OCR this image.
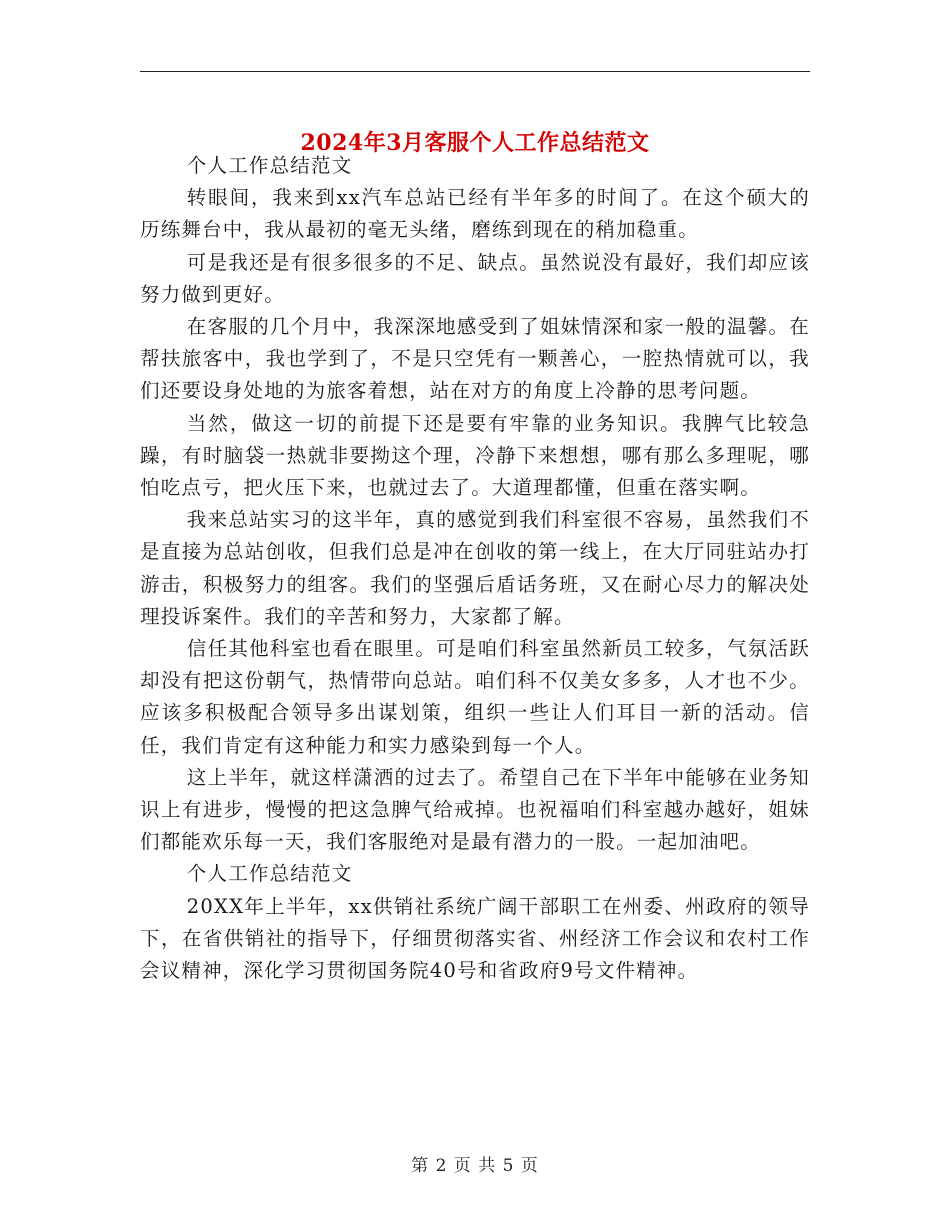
2024年3月客服个人工作总结范文

个人工作总结范文

转眼间，我来到xx汽车总站已经有半年多的时间了。在这个硕大的历练舞台中，我从最初的毫无头绪，磨练到现在的稍加稳重。

可是我还是有很多很多的不足、缺点。虽然说没有最好，我们却应该努力做到更好。

在客服的几个月中，我深深地感受到了姐妹情深和家一般的温馨。在帮扶旅客中，我也学到了，不是只空凭有一颗善心，一腔热情就可以，我们还要设身处地的为旅客着想，站在对方的角度上冷静的思考问题。

当然，做这一切的前提下还是要有牢靠的业务知识。我脾气比较急躁，有时脑袋一热就非要拗这个理，冷静下来想想，哪有那么多理呢，哪怕吃点亏，把火压下来，也就过去了。大道理都懂，但重在落实啊。

我来总站实习的这半年，真的感觉到我们科室很不容易，虽然我们不是直接为总站创收，但我们总是冲在创收的第一线上，在大厅同驻站办打游击，积极努力的组客。我们的坚强后盾话务班，又在耐心尽力的解决处理投诉案件。我们的辛苦和努力，大家都了解。

信任其他科室也看在眼里。可是咱们科室虽然新员工较多，气氛活跃却没有把这份朝气，热情带向总站。咱们科不仅美女多多，人才也不少。应该多积极配合领导多出谋划策，组织一些让人们耳目一新的活动。信任，我们肯定有这种能力和实力感染到每一个人。

这上半年，就这样潇洒的过去了。希望自己在下半年中能够在业务知识上有进步，慢慢的把这急脾气给戒掉。也祝福咱们科室越办越好，姐妹们都能欢乐每一天，我们客服绝对是最有潜力的一股。一起加油吧。

个人工作总结范文

20XX年上半年，xx供销社系统广阔干部职工在州委、州政府的领导下，在省供销社的指导下，仔细贯彻落实省、州经济工作会议和农村工作会议精神，深化学习贯彻国务院40号和省政府9号文件精神。

第 2 页 共 5 页
